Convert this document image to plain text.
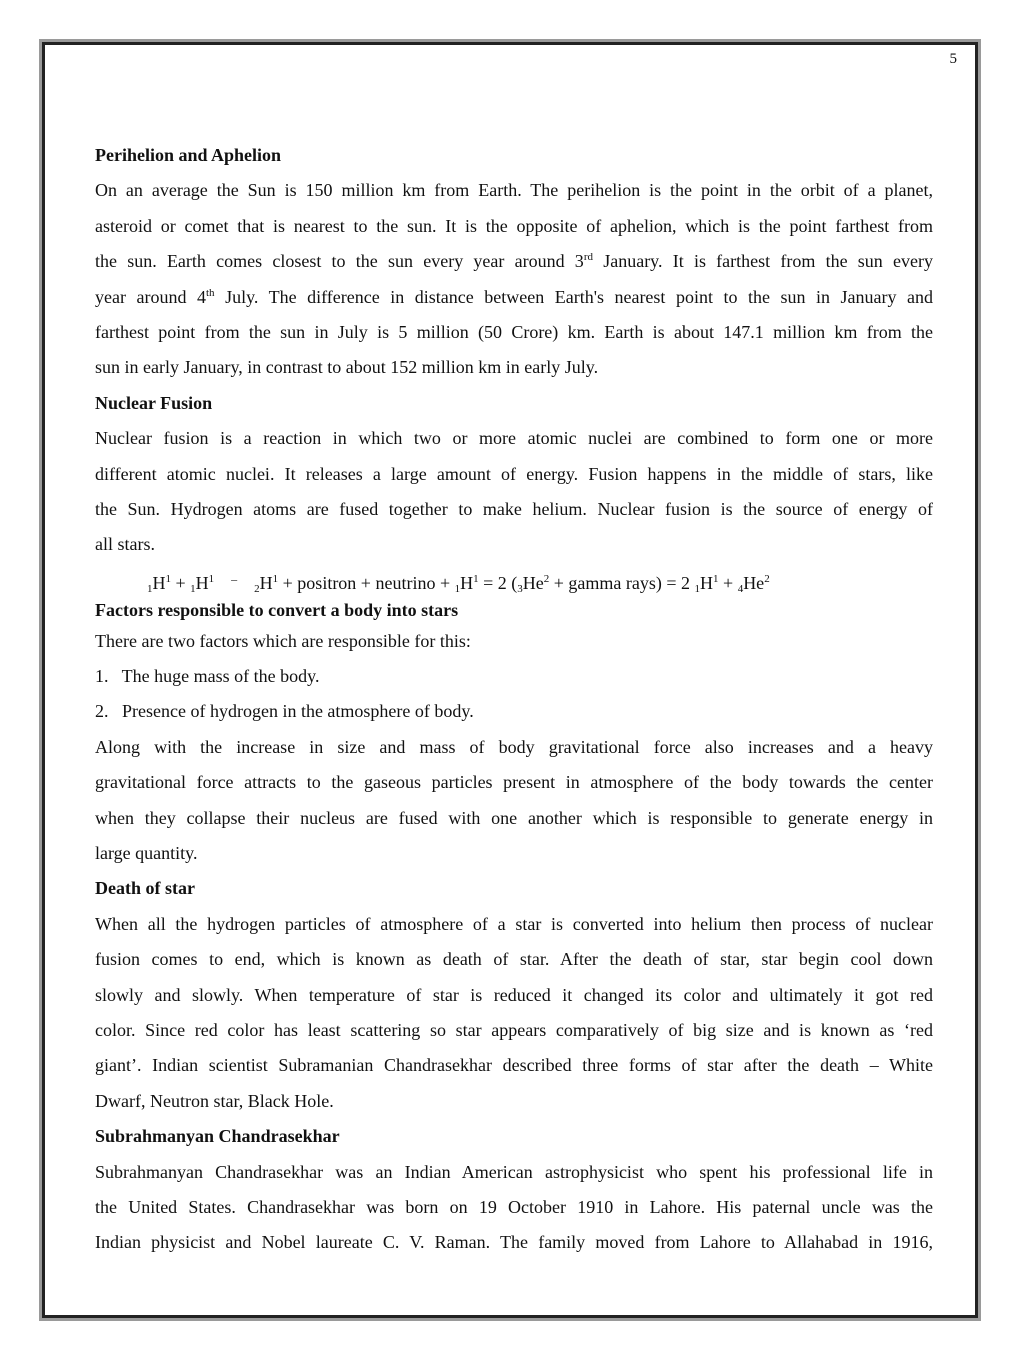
5
Perihelion and Aphelion
On an average the Sun is 150 million km from Earth. The perihelion is the point in the orbit of a planet,
asteroid or comet that is nearest to the sun. It is the opposite of aphelion, which is the point farthest from
the sun. Earth comes closest to the sun every year around 3rd January. It is farthest from the sun every
year around 4th July. The difference in distance between Earth's nearest point to the sun in January and
farthest point from the sun in July is 5 million (50 Crore) km. Earth is about 147.1 million km from the
sun in early January, in contrast to about 152 million km in early July.
Nuclear Fusion
Nuclear fusion is a reaction in which two or more atomic nuclei are combined to form one or more
different atomic nuclei. It releases a large amount of energy. Fusion happens in the middle of stars, like
the Sun. Hydrogen atoms are fused together to make helium. Nuclear fusion is the source of energy of
all stars.
$_1H^1 + _1H^1$ $-_2H^1$ + positron + neutrino + $_1H^1 = 2$ ($_3He^2$ + gamma rays) = 2 $_1H^1 + _4He^2$
Factors responsible to convert a body into stars
There are two factors which are responsible for this:
1.   The huge mass of the body.
2.   Presence of hydrogen in the atmosphere of body.
Along with the increase in size and mass of body gravitational force also increases and a heavy
gravitational force attracts to the gaseous particles present in atmosphere of the body towards the center
when they collapse their nucleus are fused with one another which is responsible to generate energy in
large quantity.
Death of star
When all the hydrogen particles of atmosphere of a star is converted into helium then process of nuclear
fusion comes to end, which is known as death of star. After the death of star, star begin cool down
slowly and slowly. When temperature of star is reduced it changed its color and ultimately it got red
color. Since red color has least scattering so star appears comparatively of big size and is known as ‘red
giant’. Indian scientist Subramanian Chandrasekhar described three forms of star after the death – White
Dwarf, Neutron star, Black Hole.
Subrahmanyan Chandrasekhar
Subrahmanyan Chandrasekhar was an Indian American astrophysicist who spent his professional life in
the United States. Chandrasekhar was born on 19 October 1910 in Lahore. His paternal uncle was the
Indian physicist and Nobel laureate C. V. Raman. The family moved from Lahore to Allahabad in 1916,
